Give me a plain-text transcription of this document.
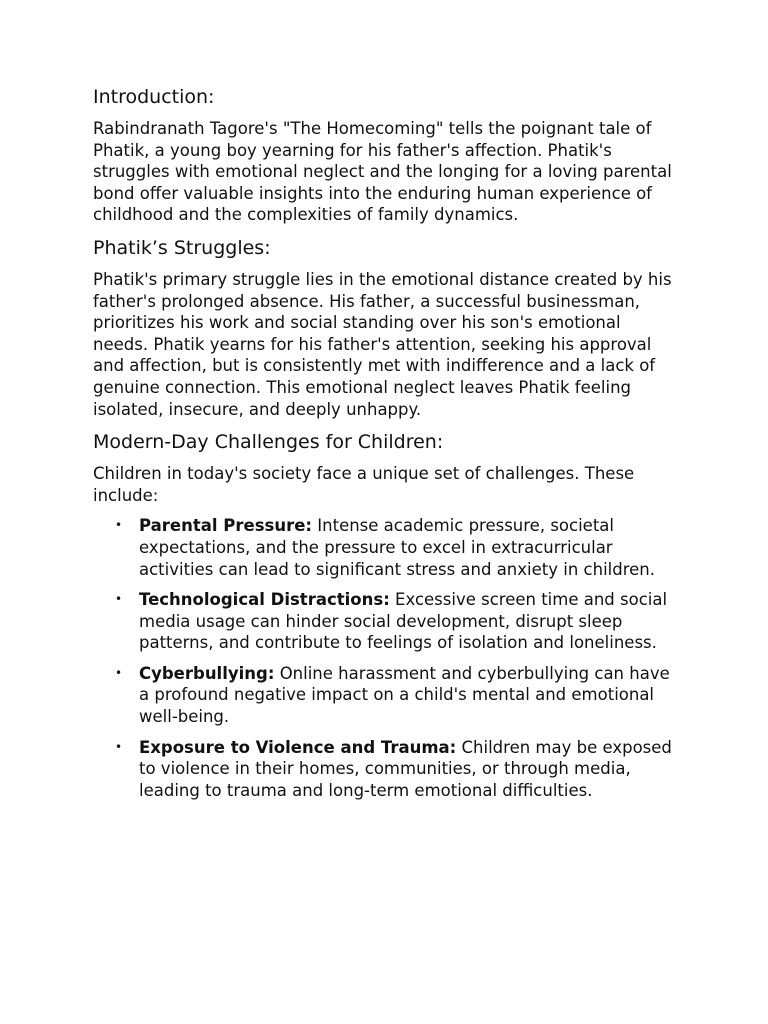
Introduction:

Rabindranath Tagore's "The Homecoming" tells the poignant tale of Phatik, a young boy yearning for his father's affection. Phatik's struggles with emotional neglect and the longing for a loving parental bond offer valuable insights into the enduring human experience of childhood and the complexities of family dynamics.

Phatik’s Struggles:

Phatik's primary struggle lies in the emotional distance created by his father's prolonged absence. His father, a successful businessman, prioritizes his work and social standing over his son's emotional needs. Phatik yearns for his father's attention, seeking his approval and affection, but is consistently met with indifference and a lack of genuine connection. This emotional neglect leaves Phatik feeling isolated, insecure, and deeply unhappy.

Modern-Day Challenges for Children:

Children in today's society face a unique set of challenges. These include:

• Parental Pressure: Intense academic pressure, societal expectations, and the pressure to excel in extracurricular activities can lead to significant stress and anxiety in children.
• Technological Distractions: Excessive screen time and social media usage can hinder social development, disrupt sleep patterns, and contribute to feelings of isolation and loneliness.
• Cyberbullying: Online harassment and cyberbullying can have a profound negative impact on a child's mental and emotional well-being.
• Exposure to Violence and Trauma: Children may be exposed to violence in their homes, communities, or through media, leading to trauma and long-term emotional difficulties.
